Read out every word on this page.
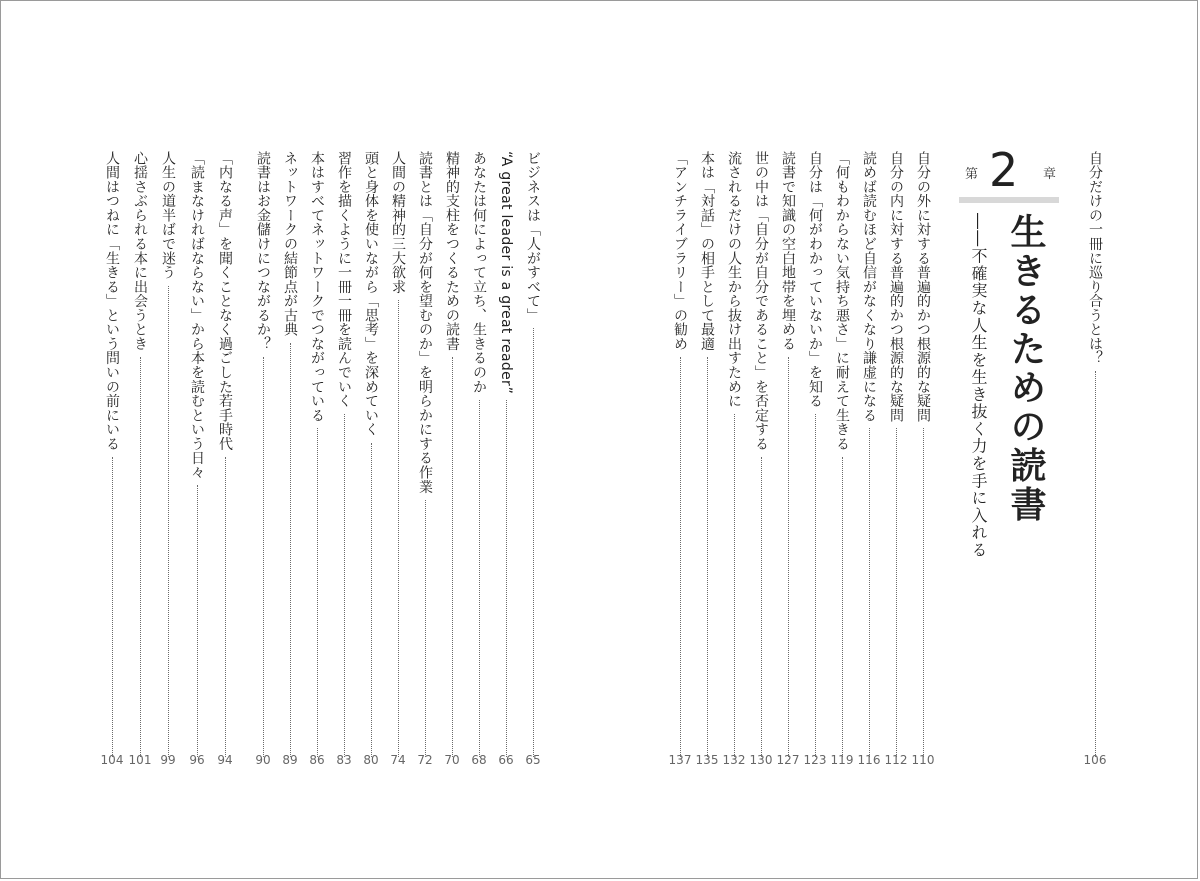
自分だけの一冊に巡り合うとは？
106
第 2 章
生きるための読書
――不確実な人生を生き抜く力を手に入れる
自分の外に対する普遍的かつ根源的な疑問
110
自分の内に対する普遍的かつ根源的な疑問
112
読めば読むほど自信がなくなり謙虚になる
116
「何もわからない気持ち悪さ」に耐えて生きる
119
自分は「何がわかっていないか」を知る
123
読書で知識の空白地帯を埋める
127
世の中は「自分が自分であること」を否定する
130
流されるだけの人生から抜け出すために
132
本は「対話」の相手として最適
135
「アンチライブラリー」の勧め
137
ビジネスは「人がすべて」
65
“A great leader is a great reader”
66
あなたは何によって立ち、生きるのか
68
精神的支柱をつくるための読書
70
読書とは「自分が何を望むのか」を明らかにする作業
72
人間の精神的三大欲求
74
頭と身体を使いながら「思考」を深めていく
80
習作を描くように一冊一冊を読んでいく
83
本はすべてネットワークでつながっている
86
ネットワークの結節点が古典
89
読書はお金儲けにつながるか？
90
「内なる声」を聞くことなく過ごした若手時代
94
「読まなければならない」から本を読むという日々
96
人生の道半ばで迷う
99
心揺さぶられる本に出会うとき
101
人間はつねに「生きる」という問いの前にいる
104
